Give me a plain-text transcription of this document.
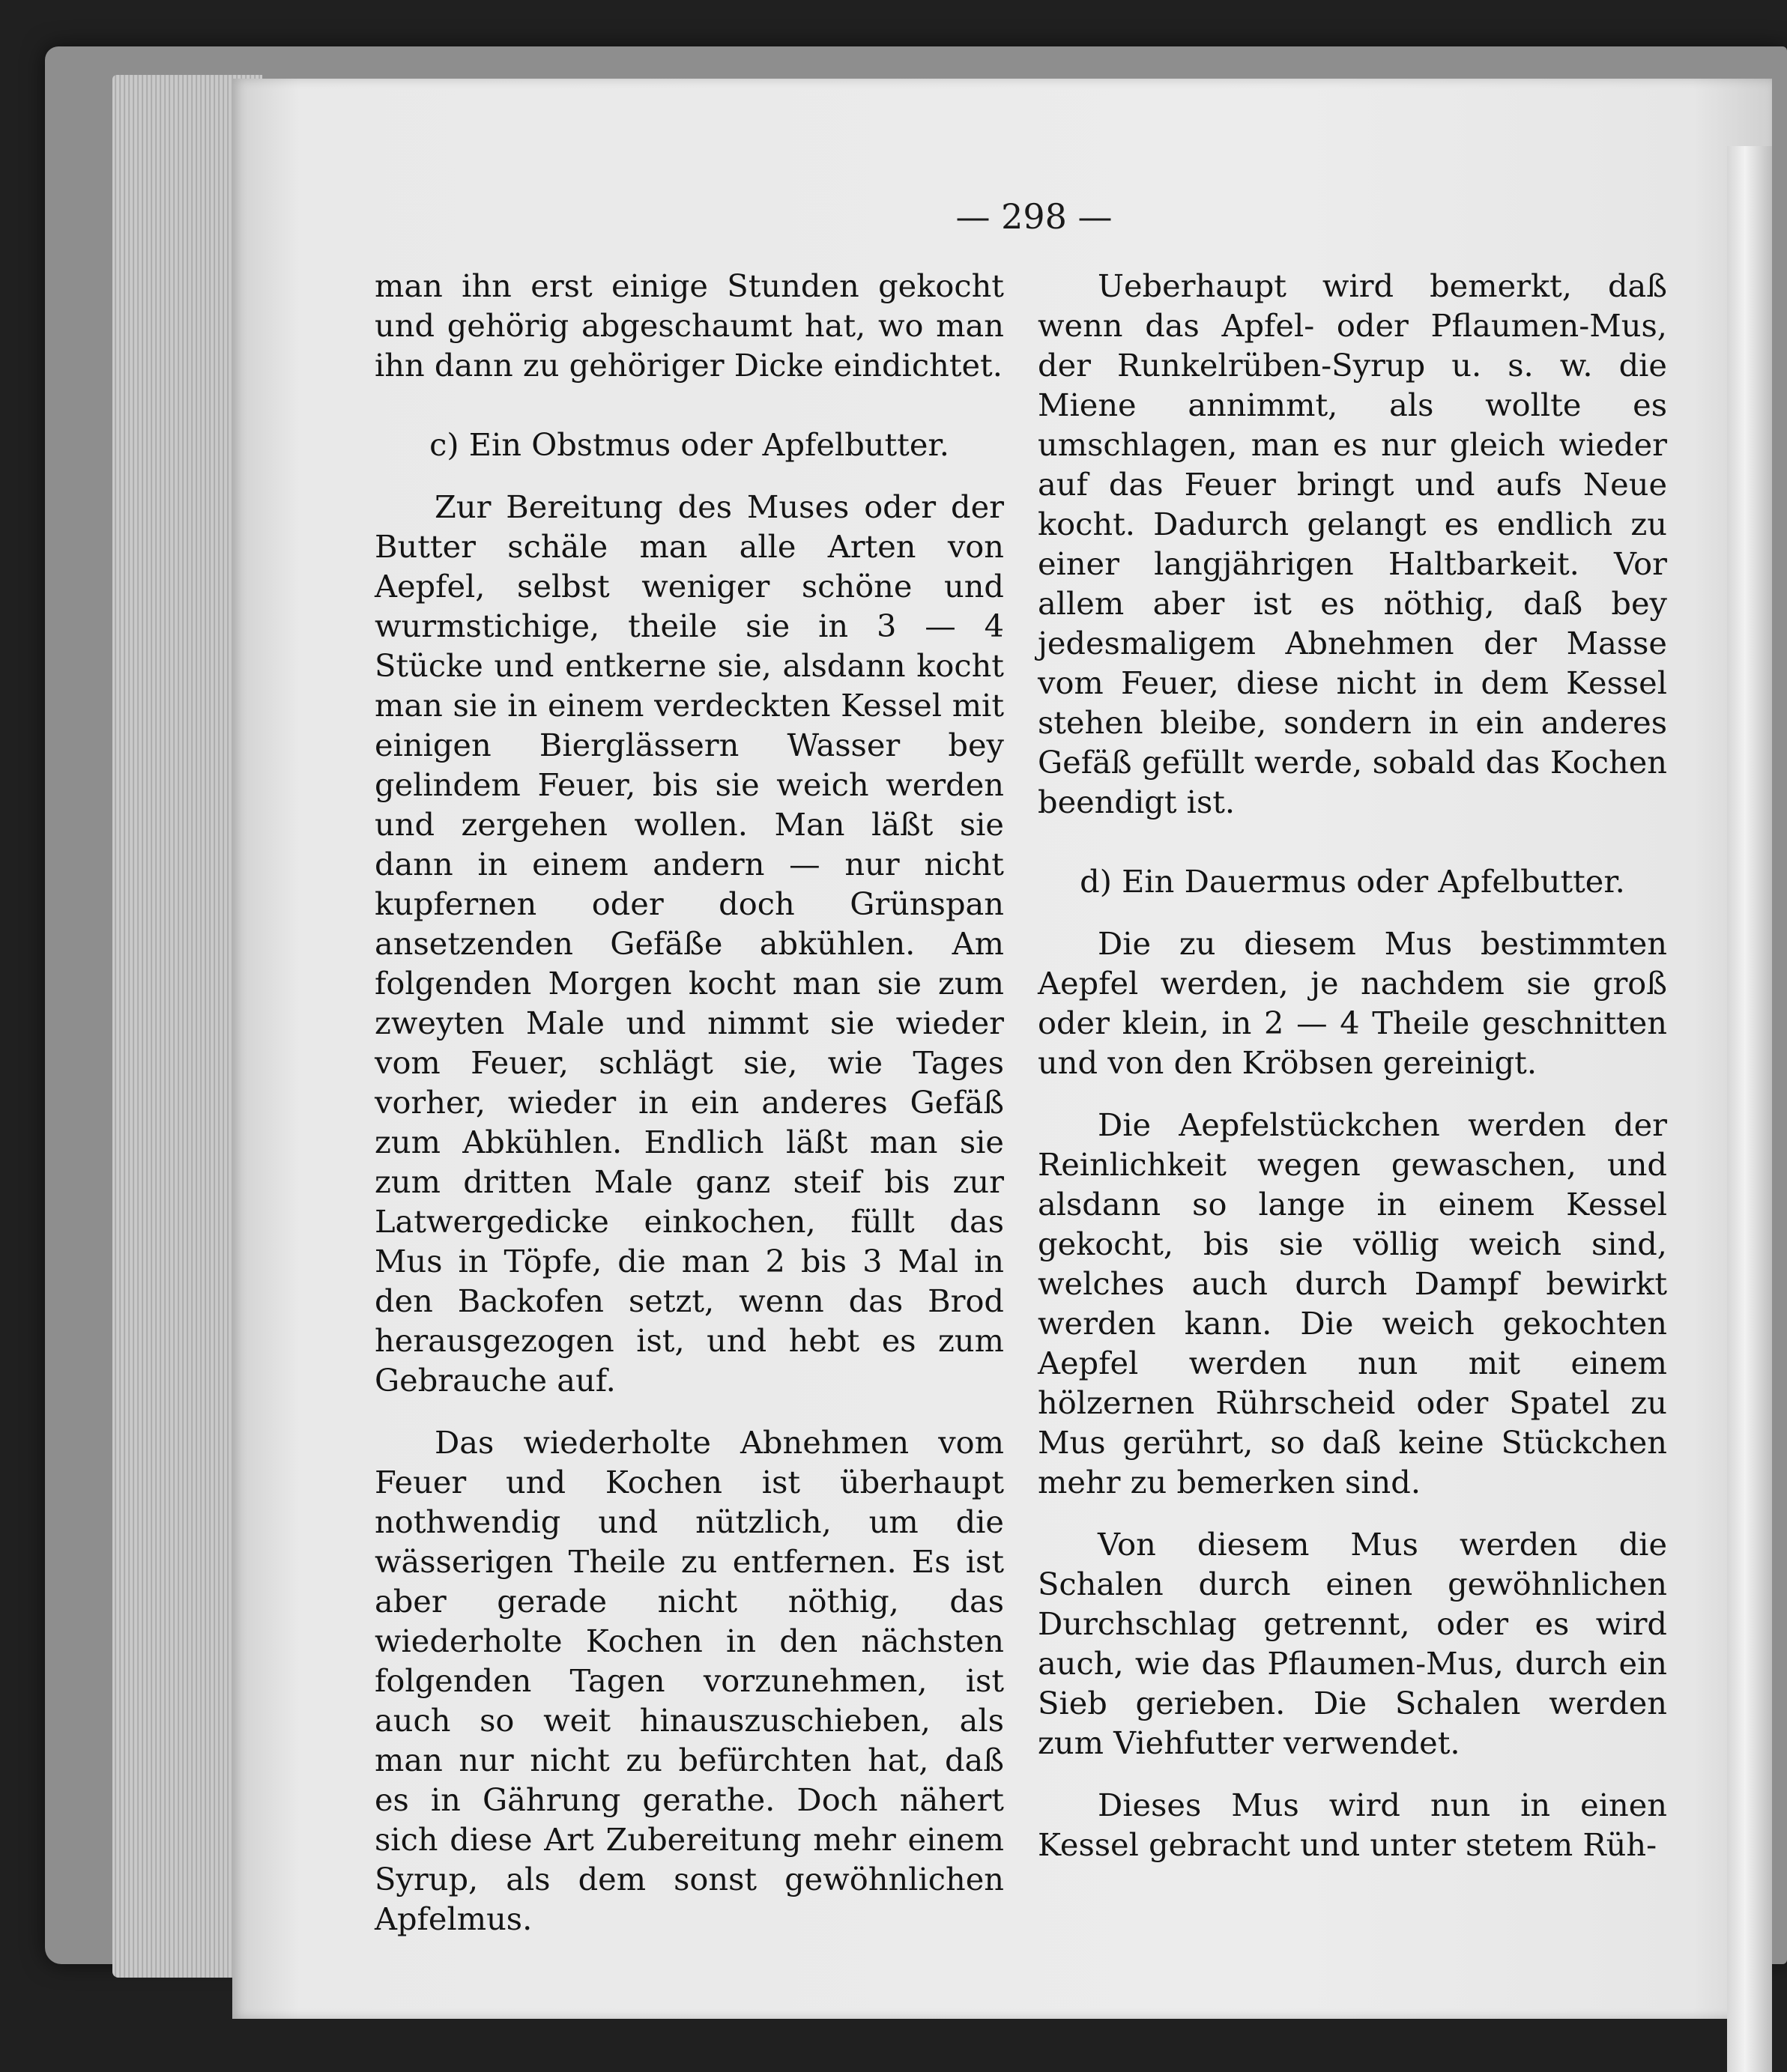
— 298 —

man ihn erst einige Stunden gekocht und gehörig abgeschaumt hat, wo man ihn dann zu gehöriger Dicke eindichtet.

c) Ein Obstmus oder Apfelbutter.

Zur Bereitung des Muses oder der Butter schäle man alle Arten von Aepfel, selbst weniger schöne und wurmstichige, theile sie in 3 — 4 Stücke und entkerne sie, alsdann kocht man sie in einem verdeckten Kessel mit einigen Bierglässern Wasser bey gelindem Feuer, bis sie weich werden und zergehen wollen. Man läßt sie dann in einem andern — nur nicht kupfernen oder doch Grünspan ansetzenden Gefäße abkühlen. Am folgenden Morgen kocht man sie zum zweyten Male und nimmt sie wieder vom Feuer, schlägt sie, wie Tages vorher, wieder in ein anderes Gefäß zum Abkühlen. Endlich läßt man sie zum dritten Male ganz steif bis zur Latwergedicke einkochen, füllt das Mus in Töpfe, die man 2 bis 3 Mal in den Backofen setzt, wenn das Brod herausgezogen ist, und hebt es zum Gebrauche auf.

Das wiederholte Abnehmen vom Feuer und Kochen ist überhaupt nothwendig und nützlich, um die wässerigen Theile zu entfernen. Es ist aber gerade nicht nöthig, das wiederholte Kochen in den nächsten folgenden Tagen vorzunehmen, ist auch so weit hinauszuschieben, als man nur nicht zu befürchten hat, daß es in Gährung gerathe. Doch nähert sich diese Art Zubereitung mehr einem Syrup, als dem sonst gewöhnlichen Apfelmus.

Ueberhaupt wird bemerkt, daß wenn das Apfel- oder Pflaumen-Mus, der Runkelrüben-Syrup u. s. w. die Miene annimmt, als wollte es umschlagen, man es nur gleich wieder auf das Feuer bringt und aufs Neue kocht. Dadurch gelangt es endlich zu einer langjährigen Haltbarkeit. Vor allem aber ist es nöthig, daß bey jedesmaligem Abnehmen der Masse vom Feuer, diese nicht in dem Kessel stehen bleibe, sondern in ein anderes Gefäß gefüllt werde, sobald das Kochen beendigt ist.

d) Ein Dauermus oder Apfelbutter.

Die zu diesem Mus bestimmten Aepfel werden, je nachdem sie groß oder klein, in 2 — 4 Theile geschnitten und von den Kröbsen gereinigt.

Die Aepfelstückchen werden der Reinlichkeit wegen gewaschen, und alsdann so lange in einem Kessel gekocht, bis sie völlig weich sind, welches auch durch Dampf bewirkt werden kann. Die weich gekochten Aepfel werden nun mit einem hölzernen Rührscheid oder Spatel zu Mus gerührt, so daß keine Stückchen mehr zu bemerken sind.

Von diesem Mus werden die Schalen durch einen gewöhnlichen Durchschlag getrennt, oder es wird auch, wie das Pflaumen-Mus, durch ein Sieb gerieben. Die Schalen werden zum Viehfutter verwendet.

Dieses Mus wird nun in einen Kessel gebracht und unter stetem Rüh-
